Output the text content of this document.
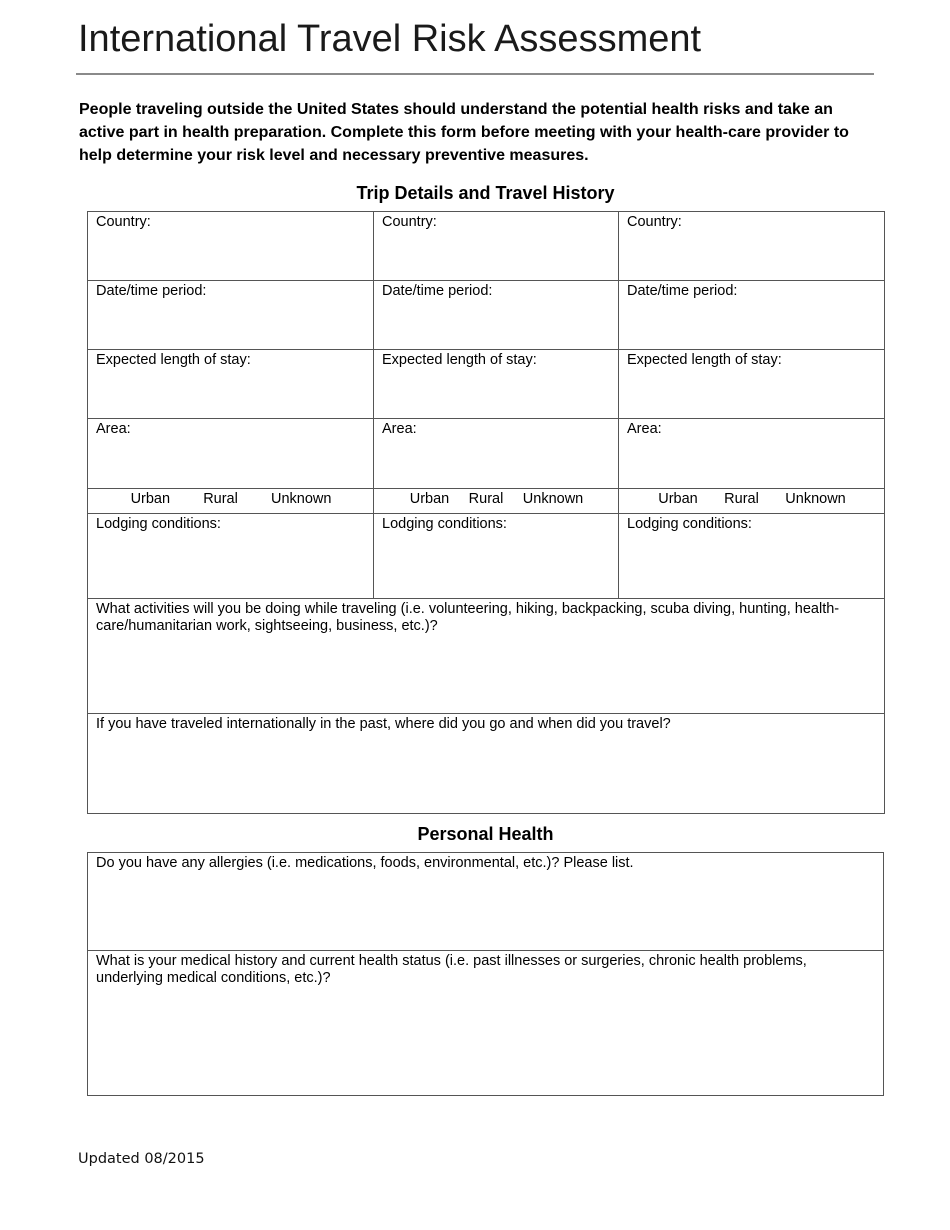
International Travel Risk Assessment
People traveling outside the United States should understand the potential health risks and take an active part in health preparation. Complete this form before meeting with your health-care provider to help determine your risk level and necessary preventive measures.
Trip Details and Travel History
Country:	Country:	Country:
Date/time period:	Date/time period:	Date/time period:
Expected length of stay:	Expected length of stay:	Expected length of stay:
Area:	Area:	Area:

Urban Rural Unknown	Urban Rural Unknown	Urban Rural Unknown

Lodging conditions:	Lodging conditions:	Lodging conditions:
What activities will you be doing while traveling (i.e. volunteering, hiking, backpacking, scuba diving, hunting, health-care/humanitarian work, sightseeing, business, etc.)?		
If you have traveled internationally in the past, where did you go and when did you travel?		
Personal Health
Do you have any allergies (i.e. medications, foods, environmental, etc.)? Please list.
What is your medical history and current health status (i.e. past illnesses or surgeries, chronic health problems, underlying medical conditions, etc.)?
Updated 08/2015
